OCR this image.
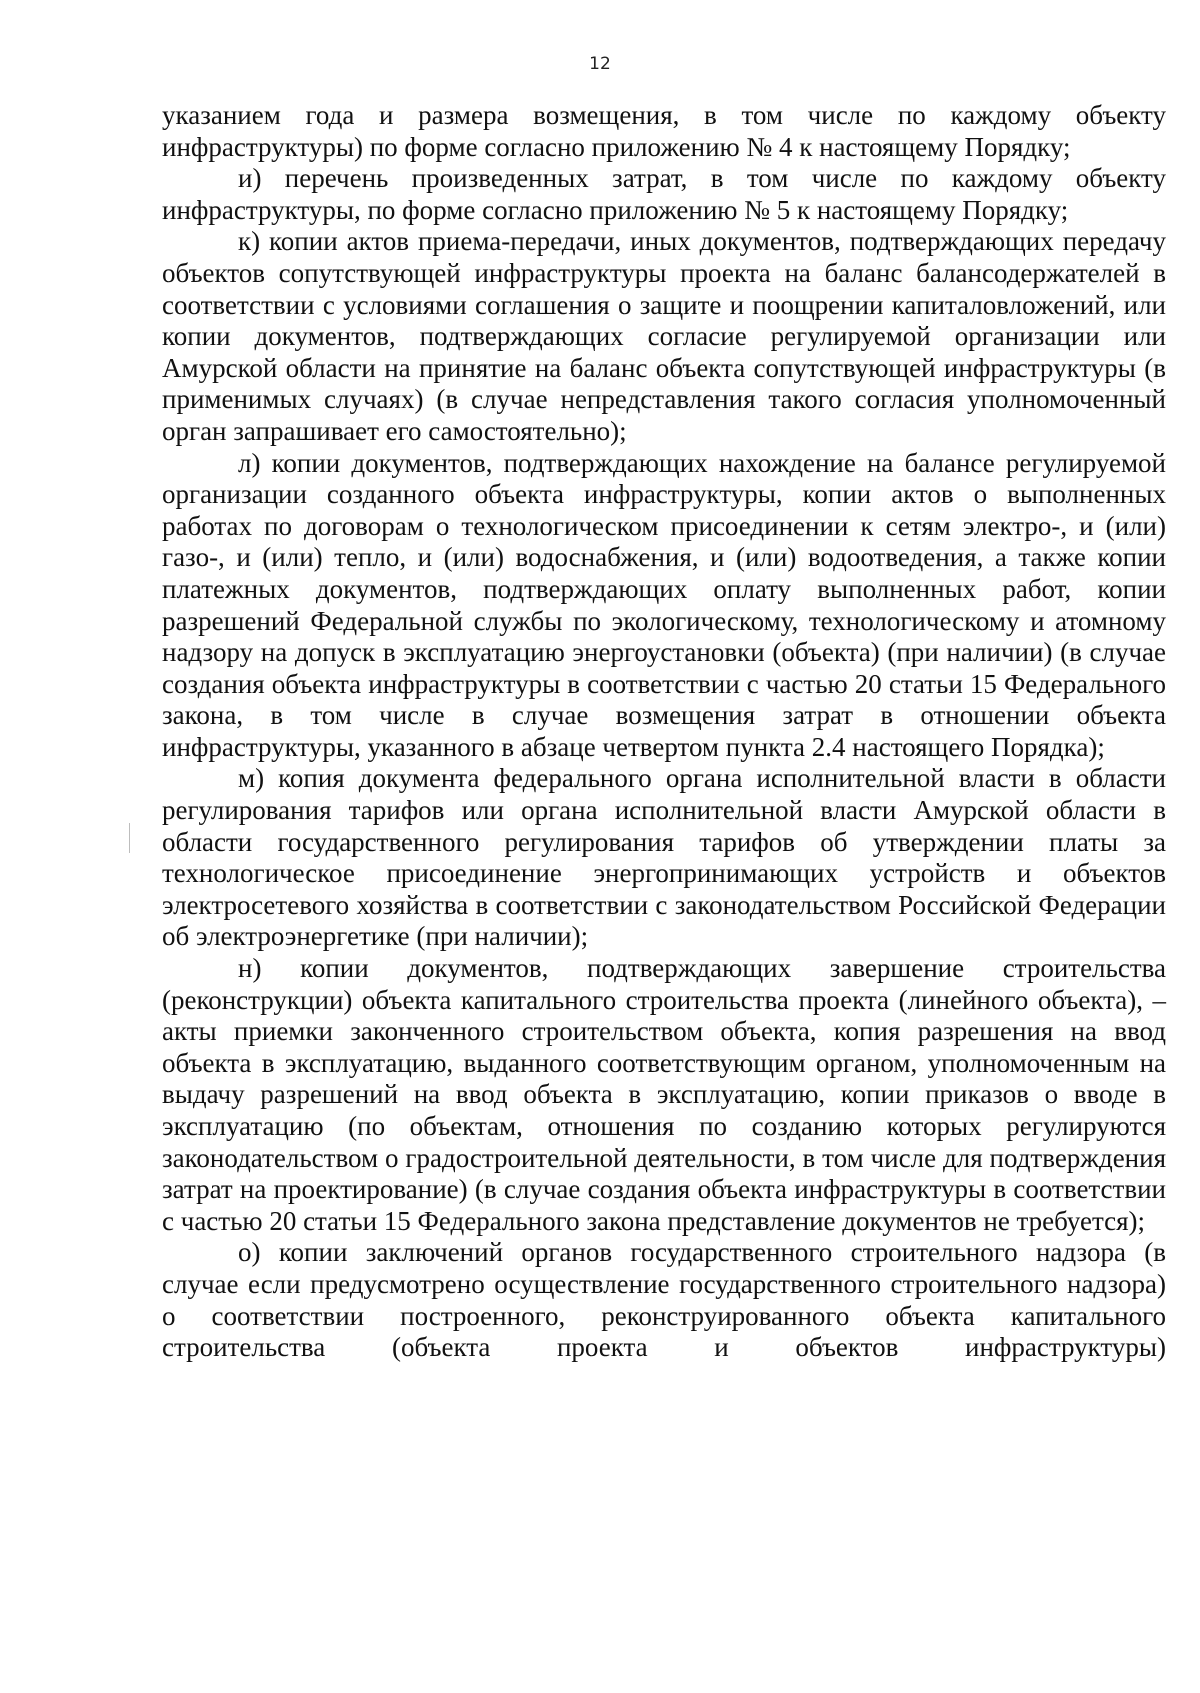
12

указанием года и размера возмещения, в том числе по каждому объекту инфраструктуры) по форме согласно приложению № 4 к настоящему Порядку;

и) перечень произведенных затрат, в том числе по каждому объекту инфраструктуры, по форме согласно приложению № 5 к настоящему Порядку;

к) копии актов приема-передачи, иных документов, подтверждающих передачу объектов сопутствующей инфраструктуры проекта на баланс балансодержателей в соответствии с условиями соглашения о защите и поощрении капиталовложений, или копии документов, подтверждающих согласие регулируемой организации или Амурской области на принятие на баланс объекта сопутствующей инфраструктуры (в применимых случаях) (в случае непредставления такого согласия уполномоченный орган запрашивает его самостоятельно);

л) копии документов, подтверждающих нахождение на балансе регулируемой организации созданного объекта инфраструктуры, копии актов о выполненных работах по договорам о технологическом присоединении к сетям электро-, и (или) газо-, и (или) тепло, и (или) водоснабжения, и (или) водоотведения, а также копии платежных документов, подтверждающих оплату выполненных работ, копии разрешений Федеральной службы по экологическому, технологическому и атомному надзору на допуск в эксплуатацию энергоустановки (объекта) (при наличии) (в случае создания объекта инфраструктуры в соответствии с частью 20 статьи 15 Федерального закона, в том числе в случае возмещения затрат в отношении объекта инфраструктуры, указанного в абзаце четвертом пункта 2.4 настоящего Порядка);

м) копия документа федерального органа исполнительной власти в области регулирования тарифов или органа исполнительной власти Амурской области в области государственного регулирования тарифов об утверждении платы за технологическое присоединение энергопринимающих устройств и объектов электросетевого хозяйства в соответствии с законодательством Российской Федерации об электроэнергетике (при наличии);

н) копии документов, подтверждающих завершение строительства (реконструкции) объекта капитального строительства проекта (линейного объекта), – акты приемки законченного строительством объекта, копия разрешения на ввод объекта в эксплуатацию, выданного соответствующим органом, уполномоченным на выдачу разрешений на ввод объекта в эксплуатацию, копии приказов о вводе в эксплуатацию (по объектам, отношения по созданию которых регулируются законодательством о градостроительной деятельности, в том числе для подтверждения затрат на проектирование) (в случае создания объекта инфраструктуры в соответствии с частью 20 статьи 15 Федерального закона представление документов не требуется);

о) копии заключений органов государственного строительного надзора (в случае если предусмотрено осуществление государственного строительного надзора) о соответствии построенного, реконструированного объекта капитального строительства (объекта проекта и объектов инфраструктуры)
